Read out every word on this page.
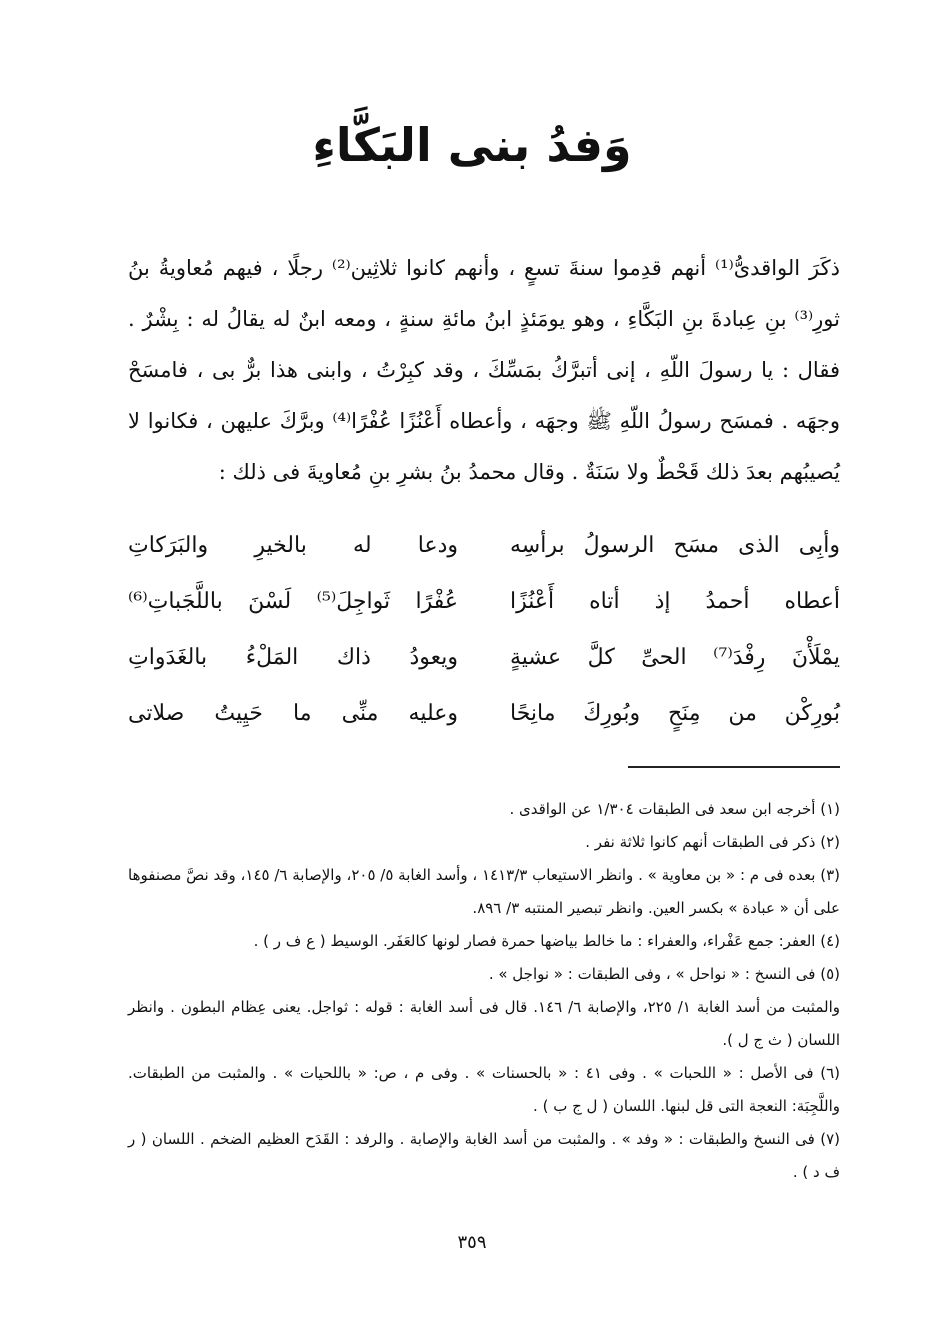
وَفدُ بنى البَكَّاءِ

ذكَرَ الواقدىُّ⁽¹⁾ أنهم قدِموا سنةَ تسعٍ ، وأنهم كانوا ثلاثِين⁽²⁾ رجلًا ، فيهم مُعاويةُ بنُ ثورِ⁽³⁾ بنِ عِبادةَ بنِ البَكَّاءِ ، وهو يومَئذٍ ابنُ مائةِ سنةٍ ، ومعه ابنٌ له يقالُ له : بِشْرٌ . فقال : يا رسولَ اللّهِ ، إنى أتبرَّكُ بمَسِّكَ ، وقد كبِرْتُ ، وابنى هذا برٌّ بى ، فامسَحْ وجهَه . فمسَح رسولُ اللّهِ ﷺ وجهَه ، وأعطاه أَعْنُزًا عُفْرًا⁽⁴⁾ وبرَّكَ عليهن ، فكانوا لا يُصيبُهم بعدَ ذلك قَحْطٌ ولا سَنَةٌ . وقال محمدُ بنُ بشرِ بنِ مُعاويةَ فى ذلك :

وأبِى الذى مسَح الرسولُ برأسِه
ودعا له بالخيرِ والبَرَكاتِ
أعطاه أحمدُ إذ أتاه أَعْنُزًا
عُفْرًا ثَواجِلَ⁽⁵⁾ لَسْنَ باللَّجَباتِ⁽⁶⁾
يمْلَأْنَ رِفْدَ⁽⁷⁾ الحىِّ كلَّ عشيةٍ
ويعودُ ذاك المَلْءُ بالغَدَواتِ
بُورِكْن من مِنَحٍ وبُورِكَ مانِحًا
وعليه منِّى ما حَيِيتُ صلاتى

(١) أخرجه ابن سعد فى الطبقات ١/٣٠٤ عن الواقدى .

(٢) ذكر فى الطبقات أنهم كانوا ثلاثة نفر .

(٣) بعده فى م : « بن معاوية » . وانظر الاستيعاب ١٤١٣/٣ ، وأسد الغابة ٥/ ٢٠٥، والإصابة ٦/ ١٤٥، وقد نصَّ مصنفوها على أن « عبادة » بكسر العين. وانظر تبصير المنتبه ٣/ ٨٩٦.

(٤) العفر: جمع عَفْراء، والعفراء : ما خالط بياضها حمرة فصار لونها كالعَفَر. الوسيط ( ع ف ر ) .

(٥) فى النسخ : « نواحل » ، وفى الطبقات : « نواجل » .

والمثبت من أسد الغابة ١/ ٢٢٥، والإصابة ٦/ ١٤٦. قال فى أسد الغابة : قوله : ثواجل. يعنى عِظام البطون . وانظر اللسان ( ث ج ل ).

(٦) فى الأصل : « اللحبات » . وفى ٤١ : « بالحسنات » . وفى م ، ص: « باللحيات » . والمثبت من الطبقات. واللَّجِبَة: النعجة التى قل لبنها. اللسان ( ل ج ب ) .

(٧) فى النسخ والطبقات : « وفد » . والمثبت من أسد الغابة والإصابة . والرفد : القَدَح العظيم الضخم . اللسان ( ر ف د ) .

٣٥٩
